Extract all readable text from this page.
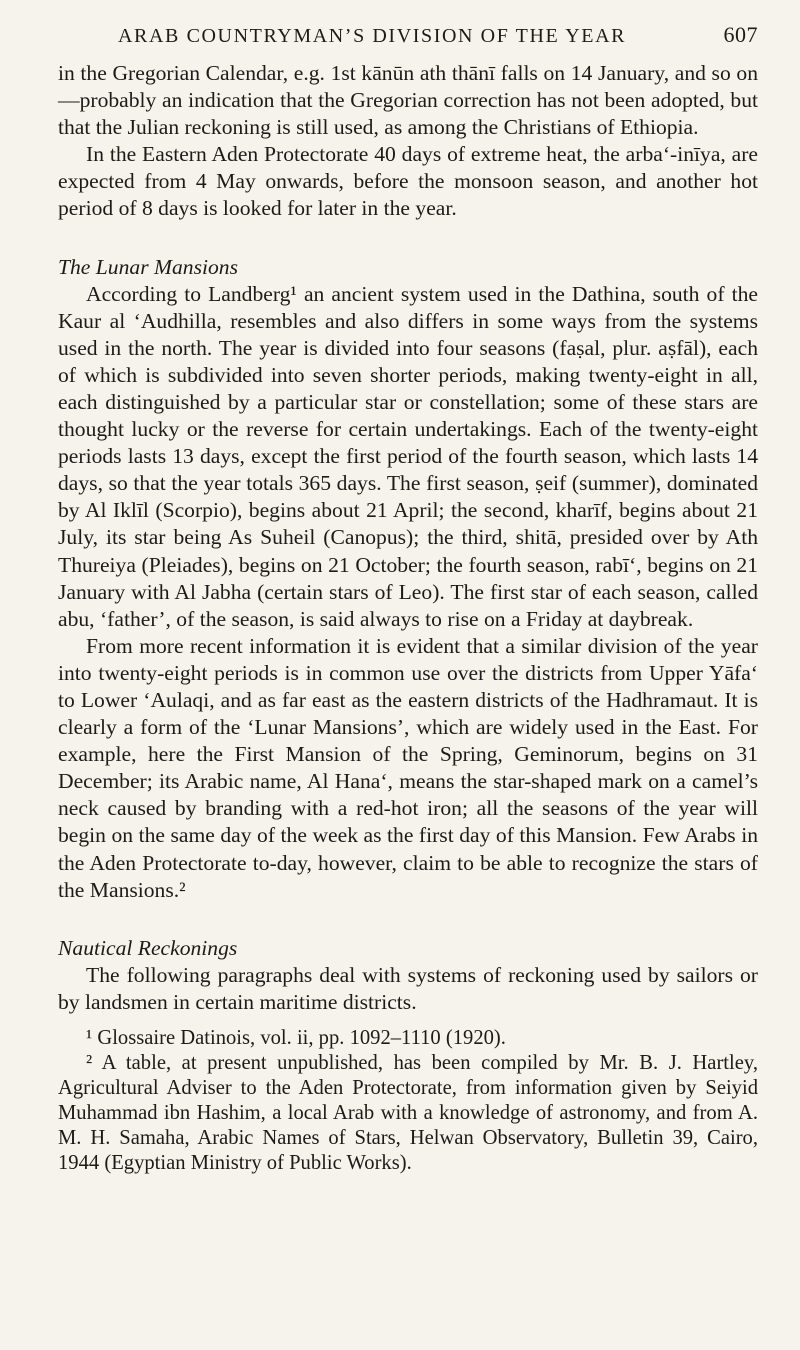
ARAB COUNTRYMAN’S DIVISION OF THE YEAR	607

in the Gregorian Calendar, e.g. 1st kānūn ath thānī falls on 14 January, and so on—probably an indication that the Gregorian correction has not been adopted, but that the Julian reckoning is still used, as among the Christians of Ethiopia.

In the Eastern Aden Protectorate 40 days of extreme heat, the arba‘-inīya, are expected from 4 May onwards, before the monsoon season, and another hot period of 8 days is looked for later in the year.

The Lunar Mansions

According to Landberg¹ an ancient system used in the Dathina, south of the Kaur al ‘Audhilla, resembles and also differs in some ways from the systems used in the north. The year is divided into four seasons (faṣal, plur. aṣfāl), each of which is subdivided into seven shorter periods, making twenty-eight in all, each distinguished by a particular star or constellation; some of these stars are thought lucky or the reverse for certain undertakings. Each of the twenty-eight periods lasts 13 days, except the first period of the fourth season, which lasts 14 days, so that the year totals 365 days. The first season, ṣeif (summer), dominated by Al Iklīl (Scorpio), begins about 21 April; the second, kharīf, begins about 21 July, its star being As Suheil (Canopus); the third, shitā, presided over by Ath Thureiya (Pleiades), begins on 21 October; the fourth season, rabī‘, begins on 21 January with Al Jabha (certain stars of Leo). The first star of each season, called abu, ‘father’, of the season, is said always to rise on a Friday at daybreak.

From more recent information it is evident that a similar division of the year into twenty-eight periods is in common use over the districts from Upper Yāfa‘ to Lower ‘Aulaqi, and as far east as the eastern districts of the Hadhramaut. It is clearly a form of the ‘Lunar Mansions’, which are widely used in the East. For example, here the First Mansion of the Spring, Geminorum, begins on 31 December; its Arabic name, Al Hana‘, means the star-shaped mark on a camel’s neck caused by branding with a red-hot iron; all the seasons of the year will begin on the same day of the week as the first day of this Mansion. Few Arabs in the Aden Protectorate to-day, however, claim to be able to recognize the stars of the Mansions.²

Nautical Reckonings

The following paragraphs deal with systems of reckoning used by sailors or by landsmen in certain maritime districts.

¹ Glossaire Datinois, vol. ii, pp. 1092–1110 (1920).

² A table, at present unpublished, has been compiled by Mr. B. J. Hartley, Agricultural Adviser to the Aden Protectorate, from information given by Seiyid Muhammad ibn Hashim, a local Arab with a knowledge of astronomy, and from A. M. H. Samaha, Arabic Names of Stars, Helwan Observatory, Bulletin 39, Cairo, 1944 (Egyptian Ministry of Public Works).
